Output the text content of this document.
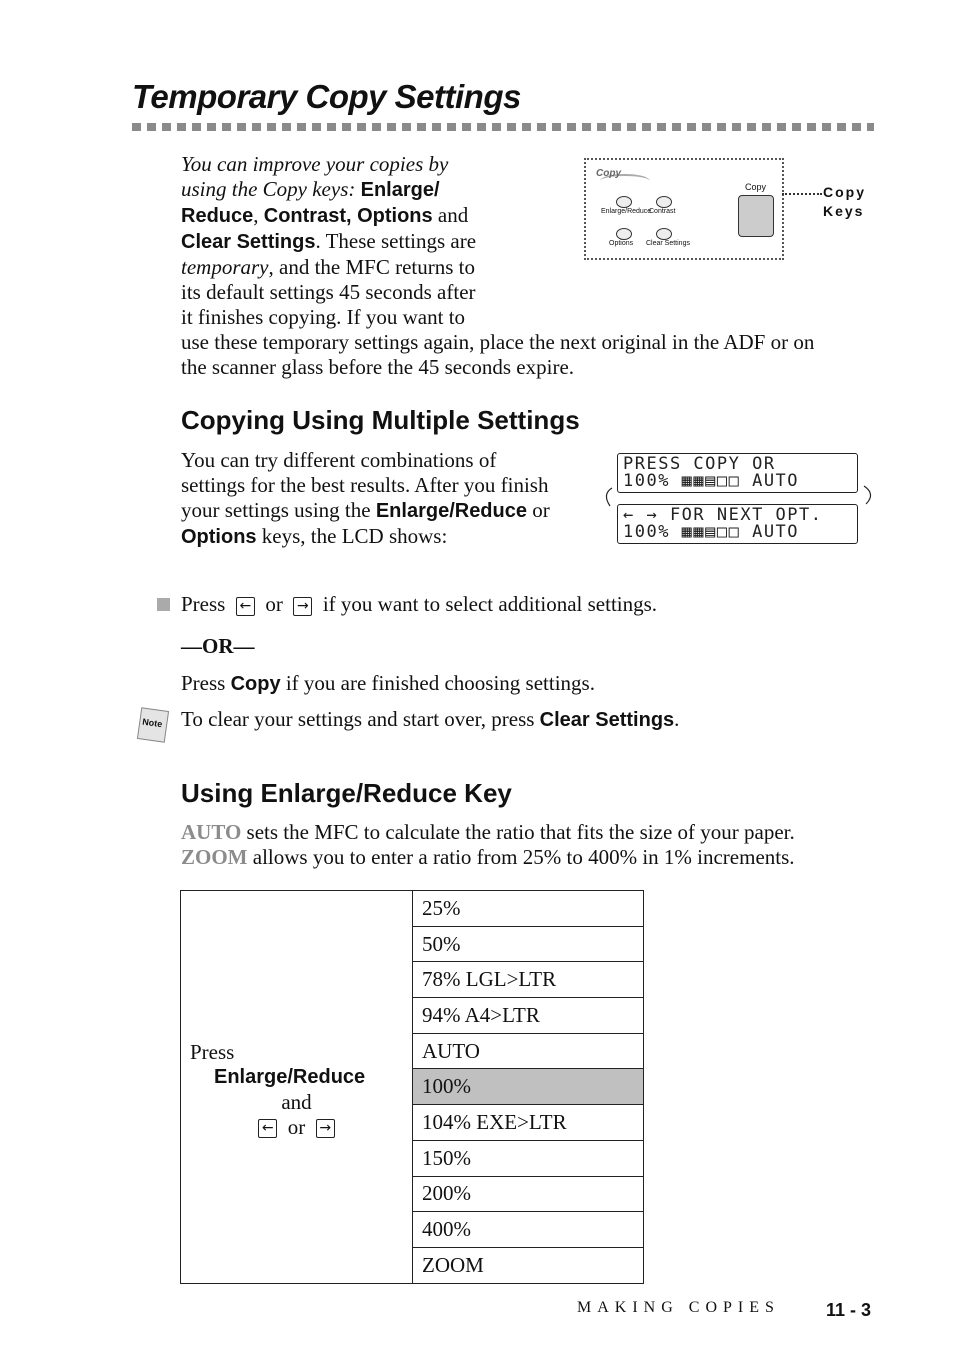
Temporary Copy Settings
You can improve your copies by using the Copy keys: Enlarge/ Reduce, Contrast, Options and Clear Settings. These settings are temporary, and the MFC returns to its default settings 45 seconds after it finishes copying. If you want to use these temporary settings again, place the next original in the ADF or on the scanner glass before the 45 seconds expire.
Copy
Enlarge/Reduce
Contrast
Options Clear Settings
Copy	Copy
Keys
Copying Using Multiple Settings
You can try different combinations of settings for the best results. After you finish your settings using the Enlarge/Reduce or Options keys, the LCD shows:
PRESS COPY OR
100% ▦▦▤□□ AUTO
← → FOR NEXT OPT.
100% ▦▦▤□□ AUTO
Press ← or → if you want to select additional settings.
—OR—
Press Copy if you are finished choosing settings.
Note To clear your settings and start over, press Clear Settings.
Using Enlarge/Reduce Key
AUTO sets the MFC to calculate the ratio that fits the size of your paper.
ZOOM allows you to enter a ratio from 25% to 400% in 1% increments.
Press
Enlarge/Reduce
and
← or →
	25%
50%
78% LGL>LTR
94% A4>LTR
AUTO
100%
104% EXE>LTR
150%
200%
400%
ZOOM
MAKING COPIES	11 - 3
